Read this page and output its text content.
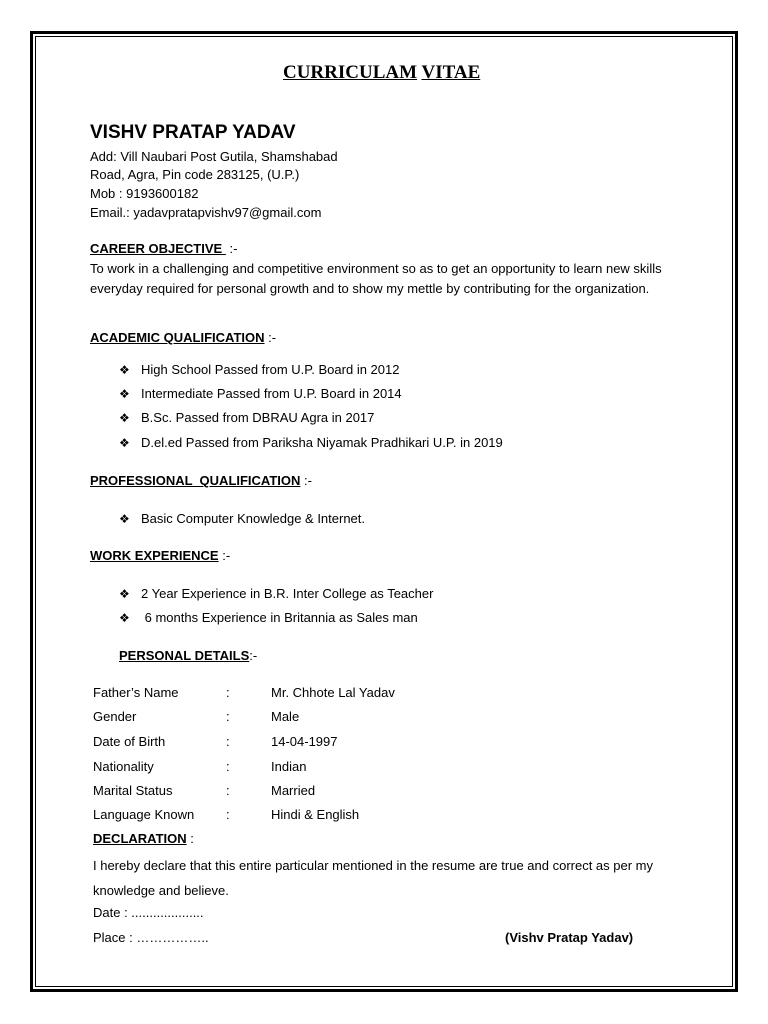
CURRICULAM VITAE
VISHV PRATAP YADAV
Add: Vill Naubari Post Gutila, Shamshabad
Road, Agra, Pin code 283125, (U.P.)
Mob : 9193600182
Email.: yadavpratapvishv97@gmail.com
CAREER OBJECTIVE :-
To work in a challenging and competitive environment so as to get an opportunity to learn new skills everyday required for personal growth and to show my mettle by contributing for the organization.
ACADEMIC QUALIFICATION :-
❖ High School Passed from U.P. Board in 2012
❖ Intermediate Passed from U.P. Board in 2014
❖ B.Sc. Passed from DBRAU Agra in 2017
❖ D.el.ed Passed from Pariksha Niyamak Pradhikari U.P. in 2019
PROFESSIONAL  QUALIFICATION :-
❖ Basic Computer Knowledge & Internet.
WORK EXPERIENCE :-
❖ 2 Year Experience in B.R. Inter College as Teacher
❖ 6 months Experience in Britannia as Sales man
PERSONAL DETAILS:-
Father’s Name	:	Mr. Chhote Lal Yadav
Gender	:	Male
Date of Birth	:	14-04-1997
Nationality	:	Indian
Marital Status	:	Married
Language Known :	Hindi & English
DECLARATION :
I hereby declare that this entire particular mentioned in the resume are true and correct as per my knowledge and believe.
Date : ....................
Place : ……………..	(Vishv Pratap Yadav)
